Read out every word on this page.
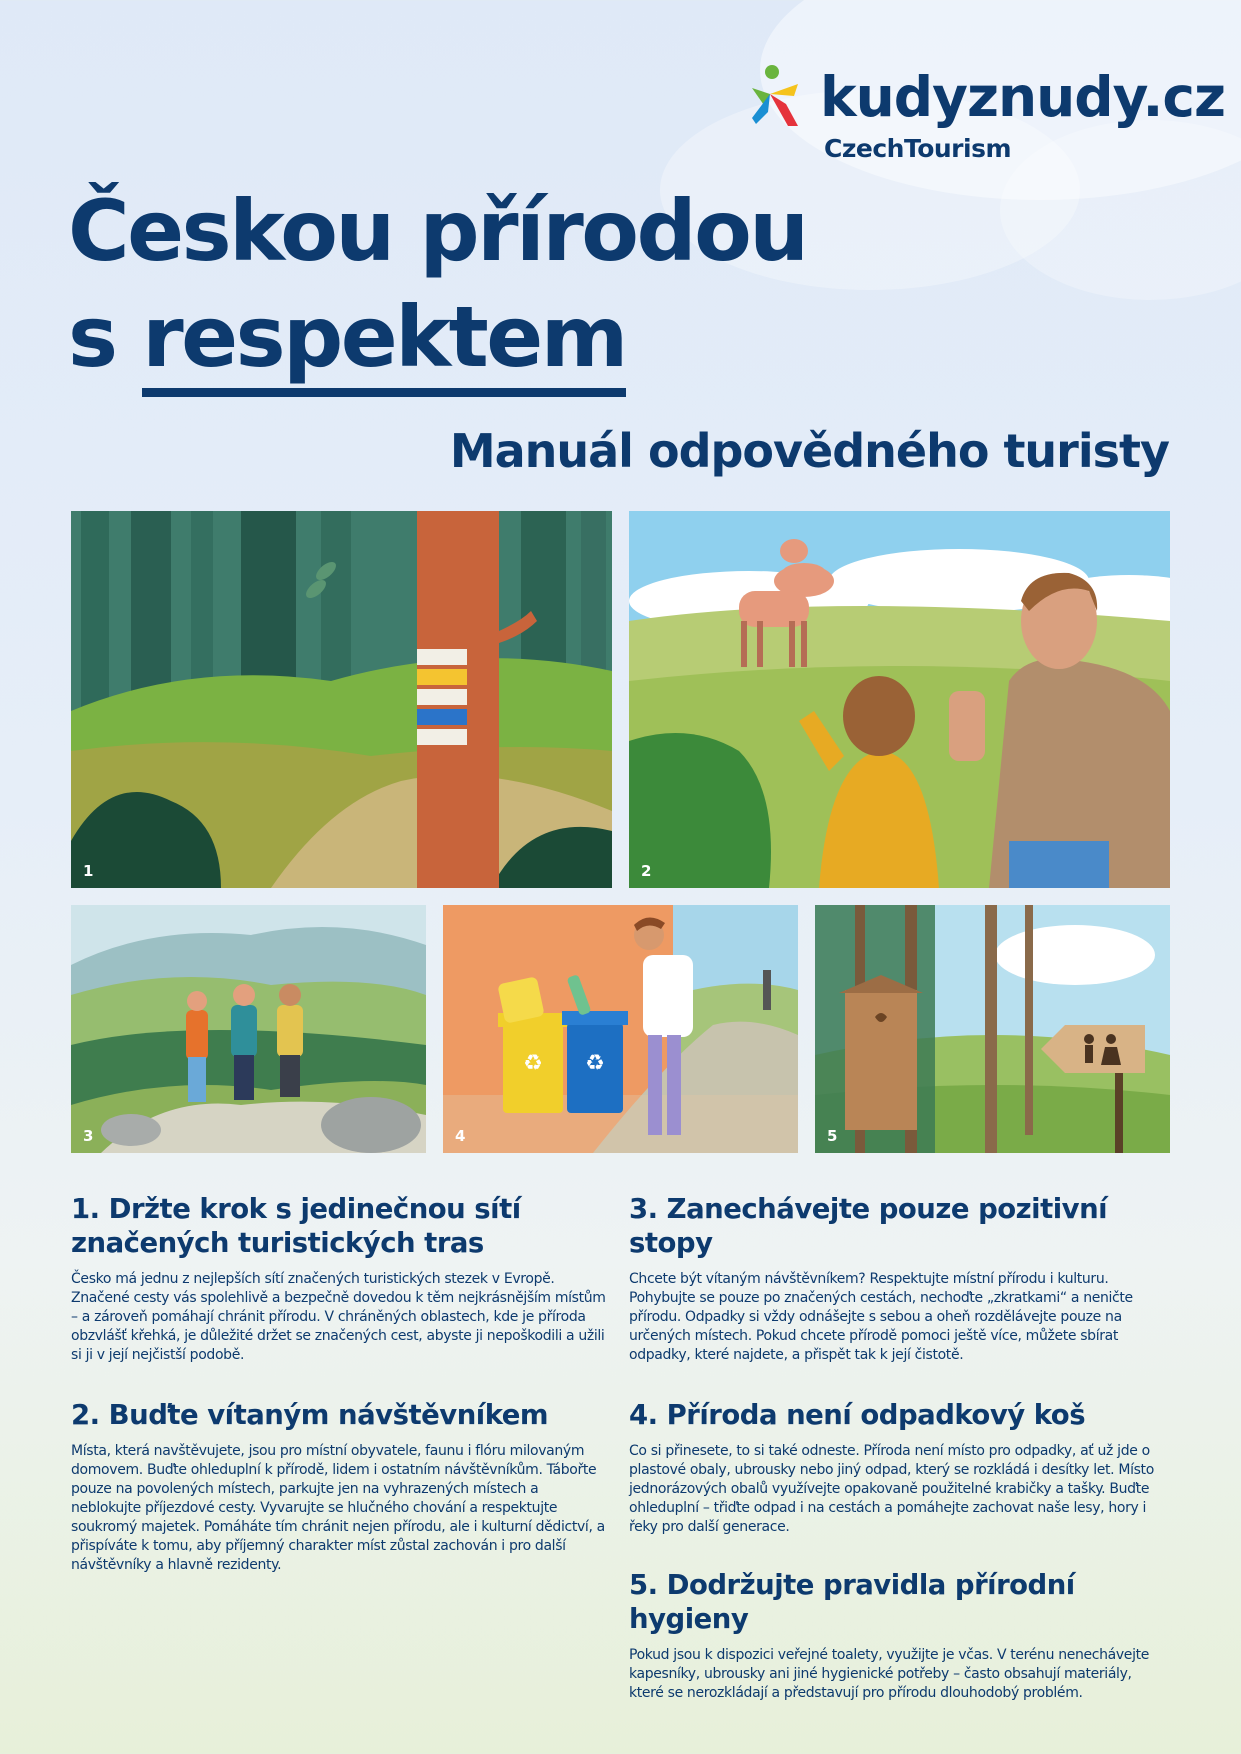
kudyznudy.cz
CzechTourism
Českou přírodou
s respektem
Manuál odpovědného turisty
1	2
3
♻ ♻
4	5
1. Držte krok s jedinečnou sítí značených turistických tras

Česko má jednu z nejlepších sítí značených turistických stezek v Evropě. Značené cesty vás spolehlivě a bezpečně dovedou k těm nejkrásnějším místům – a zároveň pomáhají chránit přírodu. V chráněných oblastech, kde je příroda obzvlášť křehká, je důležité držet se značených cest, abyste ji nepoškodili a užili si ji v její nejčistší podobě.

2. Buďte vítaným návštěvníkem

Místa, která navštěvujete, jsou pro místní obyvatele, faunu i flóru milovaným domovem. Buďte ohleduplní k přírodě, lidem i ostatním návštěvníkům. Tábořte pouze na povolených místech, parkujte jen na vyhrazených místech a neblokujte příjezdové cesty. Vyvarujte se hlučného chování a respektujte soukromý majetek. Pomáháte tím chránit nejen přírodu, ale i kulturní dědictví, a přispíváte k tomu, aby příjemný charakter míst zůstal zachován i pro další návštěvníky a hlavně rezidenty.

3. Zanechávejte pouze pozitivní stopy

Chcete být vítaným návštěvníkem? Respektujte místní přírodu i kulturu. Pohybujte se pouze po značených cestách, nechoďte „zkratkami“ a neničte přírodu. Odpadky si vždy odnášejte s sebou a oheň rozdělávejte pouze na určených místech. Pokud chcete přírodě pomoci ještě více, můžete sbírat odpadky, které najdete, a přispět tak k její čistotě.

4. Příroda není odpadkový koš

Co si přinesete, to si také odneste. Příroda není místo pro odpadky, ať už jde o plastové obaly, ubrousky nebo jiný odpad, který se rozkládá i desítky let. Místo jednorázových obalů využívejte opakovaně použitelné krabičky a tašky. Buďte ohleduplní – třiďte odpad i na cestách a pomáhejte zachovat naše lesy, hory i řeky pro další generace.

5. Dodržujte pravidla přírodní hygieny

Pokud jsou k dispozici veřejné toalety, využijte je včas. V terénu nenechávejte kapesníky, ubrousky ani jiné hygienické potřeby – často obsahují materiály, které se nerozkládají a představují pro přírodu dlouhodobý problém.
